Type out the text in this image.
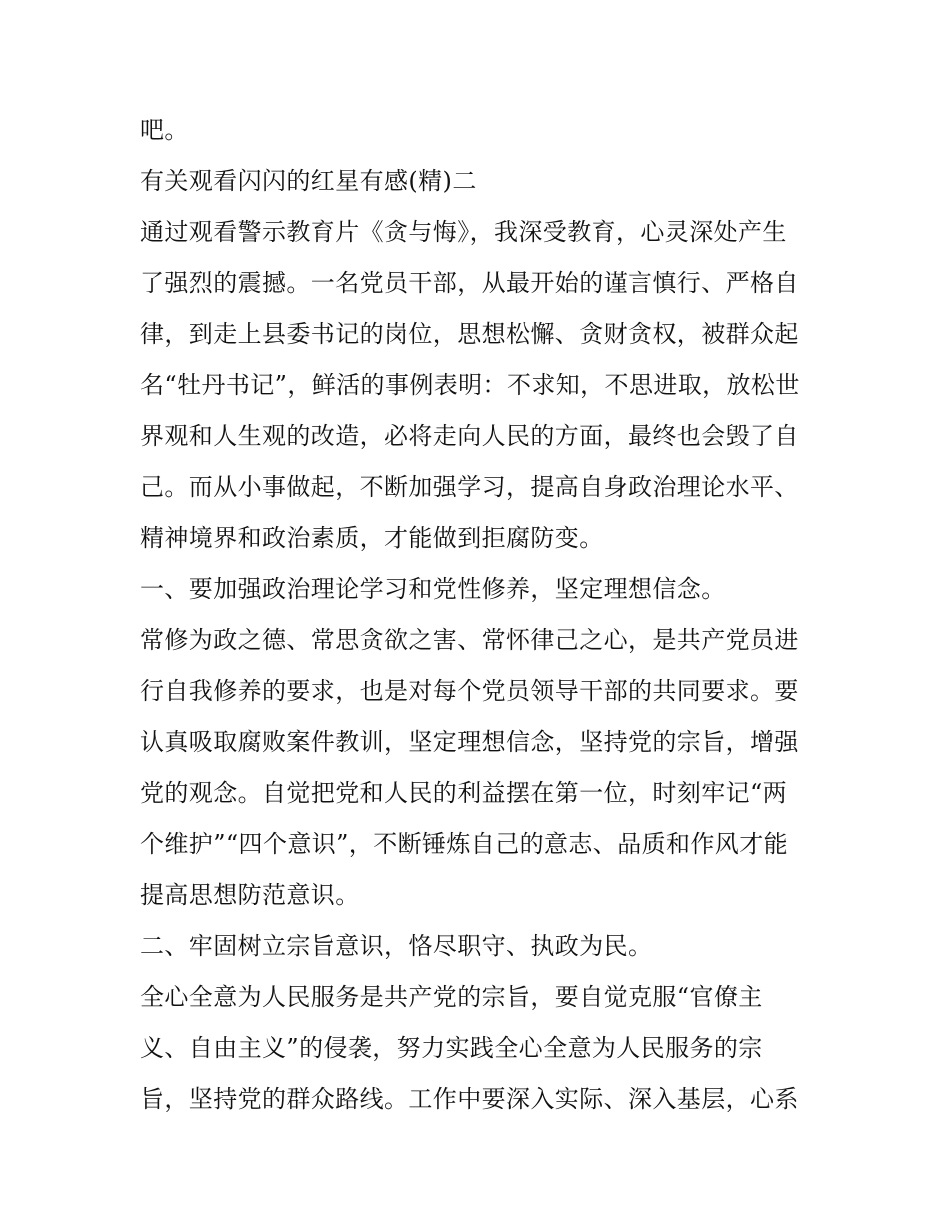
吧。
有关观看闪闪的红星有感(精)二
通过观看警示教育片《贪与悔》，我深受教育，心灵深处产生
了强烈的震撼。一名党员干部，从最开始的谨言慎行、严格自
律，到走上县委书记的岗位，思想松懈、贪财贪权，被群众起
名“牡丹书记”，鲜活的事例表明：不求知，不思进取，放松世
界观和人生观的改造，必将走向人民的方面，最终也会毁了自
己。而从小事做起，不断加强学习，提高自身政治理论水平、
精神境界和政治素质，才能做到拒腐防变。
一、要加强政治理论学习和党性修养，坚定理想信念。
常修为政之德、常思贪欲之害、常怀律己之心，是共产党员进
行自我修养的要求，也是对每个党员领导干部的共同要求。要
认真吸取腐败案件教训，坚定理想信念，坚持党的宗旨，增强
党的观念。自觉把党和人民的利益摆在第一位，时刻牢记“两
个维护”“四个意识”，不断锤炼自己的意志、品质和作风才能
提高思想防范意识。
二、牢固树立宗旨意识，恪尽职守、执政为民。
全心全意为人民服务是共产党的宗旨，要自觉克服“官僚主
义、自由主义”的侵袭，努力实践全心全意为人民服务的宗
旨，坚持党的群众路线。工作中要深入实际、深入基层，心系
